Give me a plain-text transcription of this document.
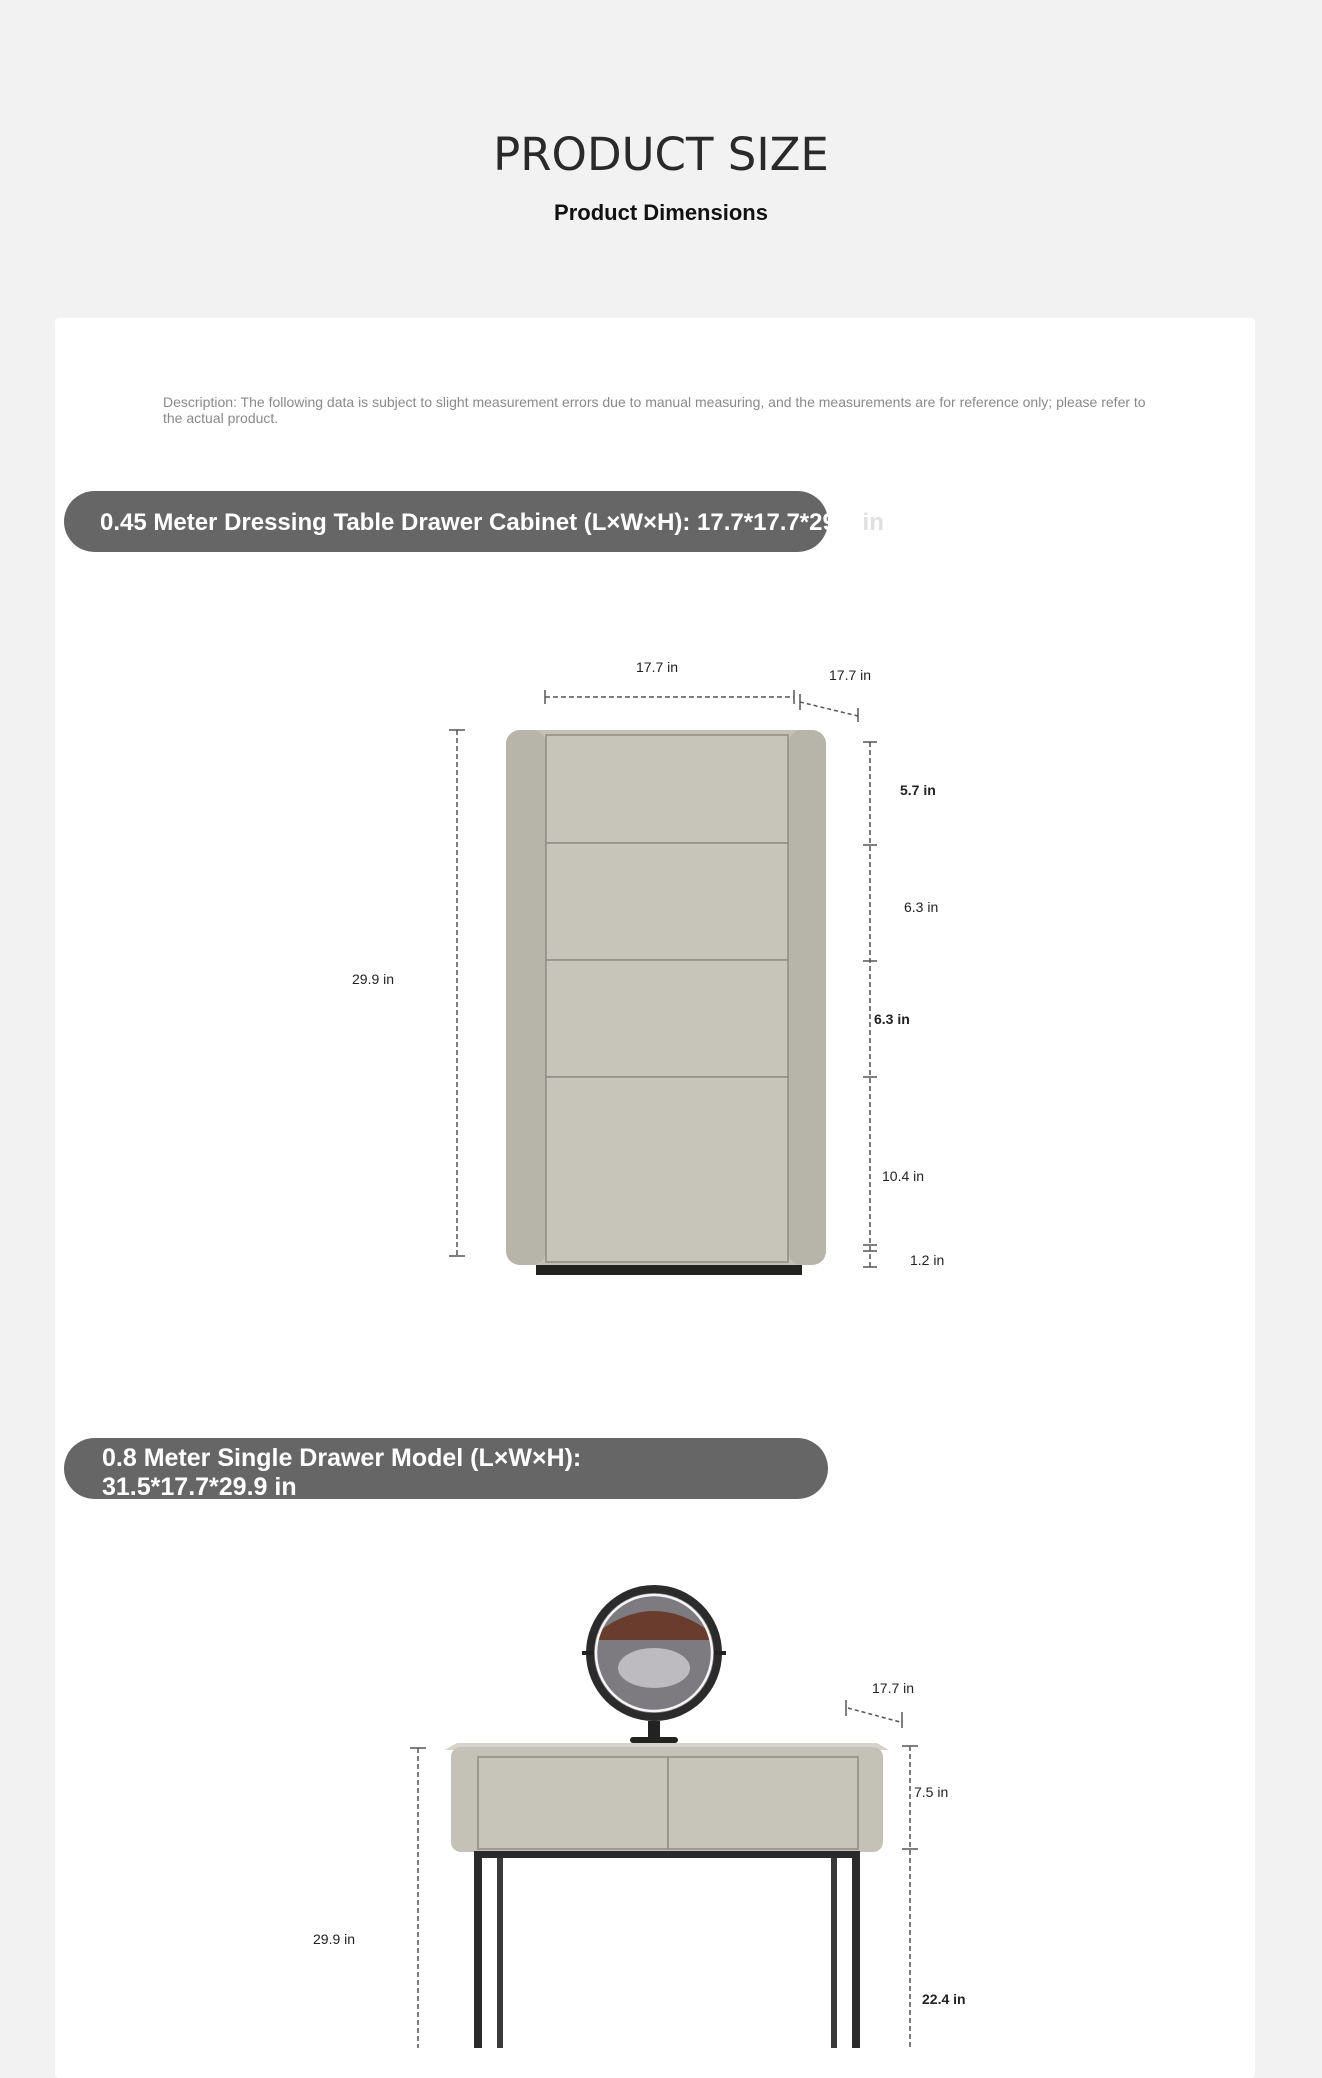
PRODUCT SIZE
Product Dimensions
Description: The following data is subject to slight measurement errors due to manual measuring, and the measurements are for reference only; please refer to the actual product.
0.45 Meter Dressing Table Drawer Cabinet (L×W×H): 17.7*17.7*29.9 in
0.8 Meter Single Drawer Model (L×W×H):
31.5*17.7*29.9 in
17.7 in	17.7 in
29.9 in
5.7 in
6.3 in
6.3 in
10.4 in
1.2 in
17.7 in
29.9 in
7.5 in
22.4 in
